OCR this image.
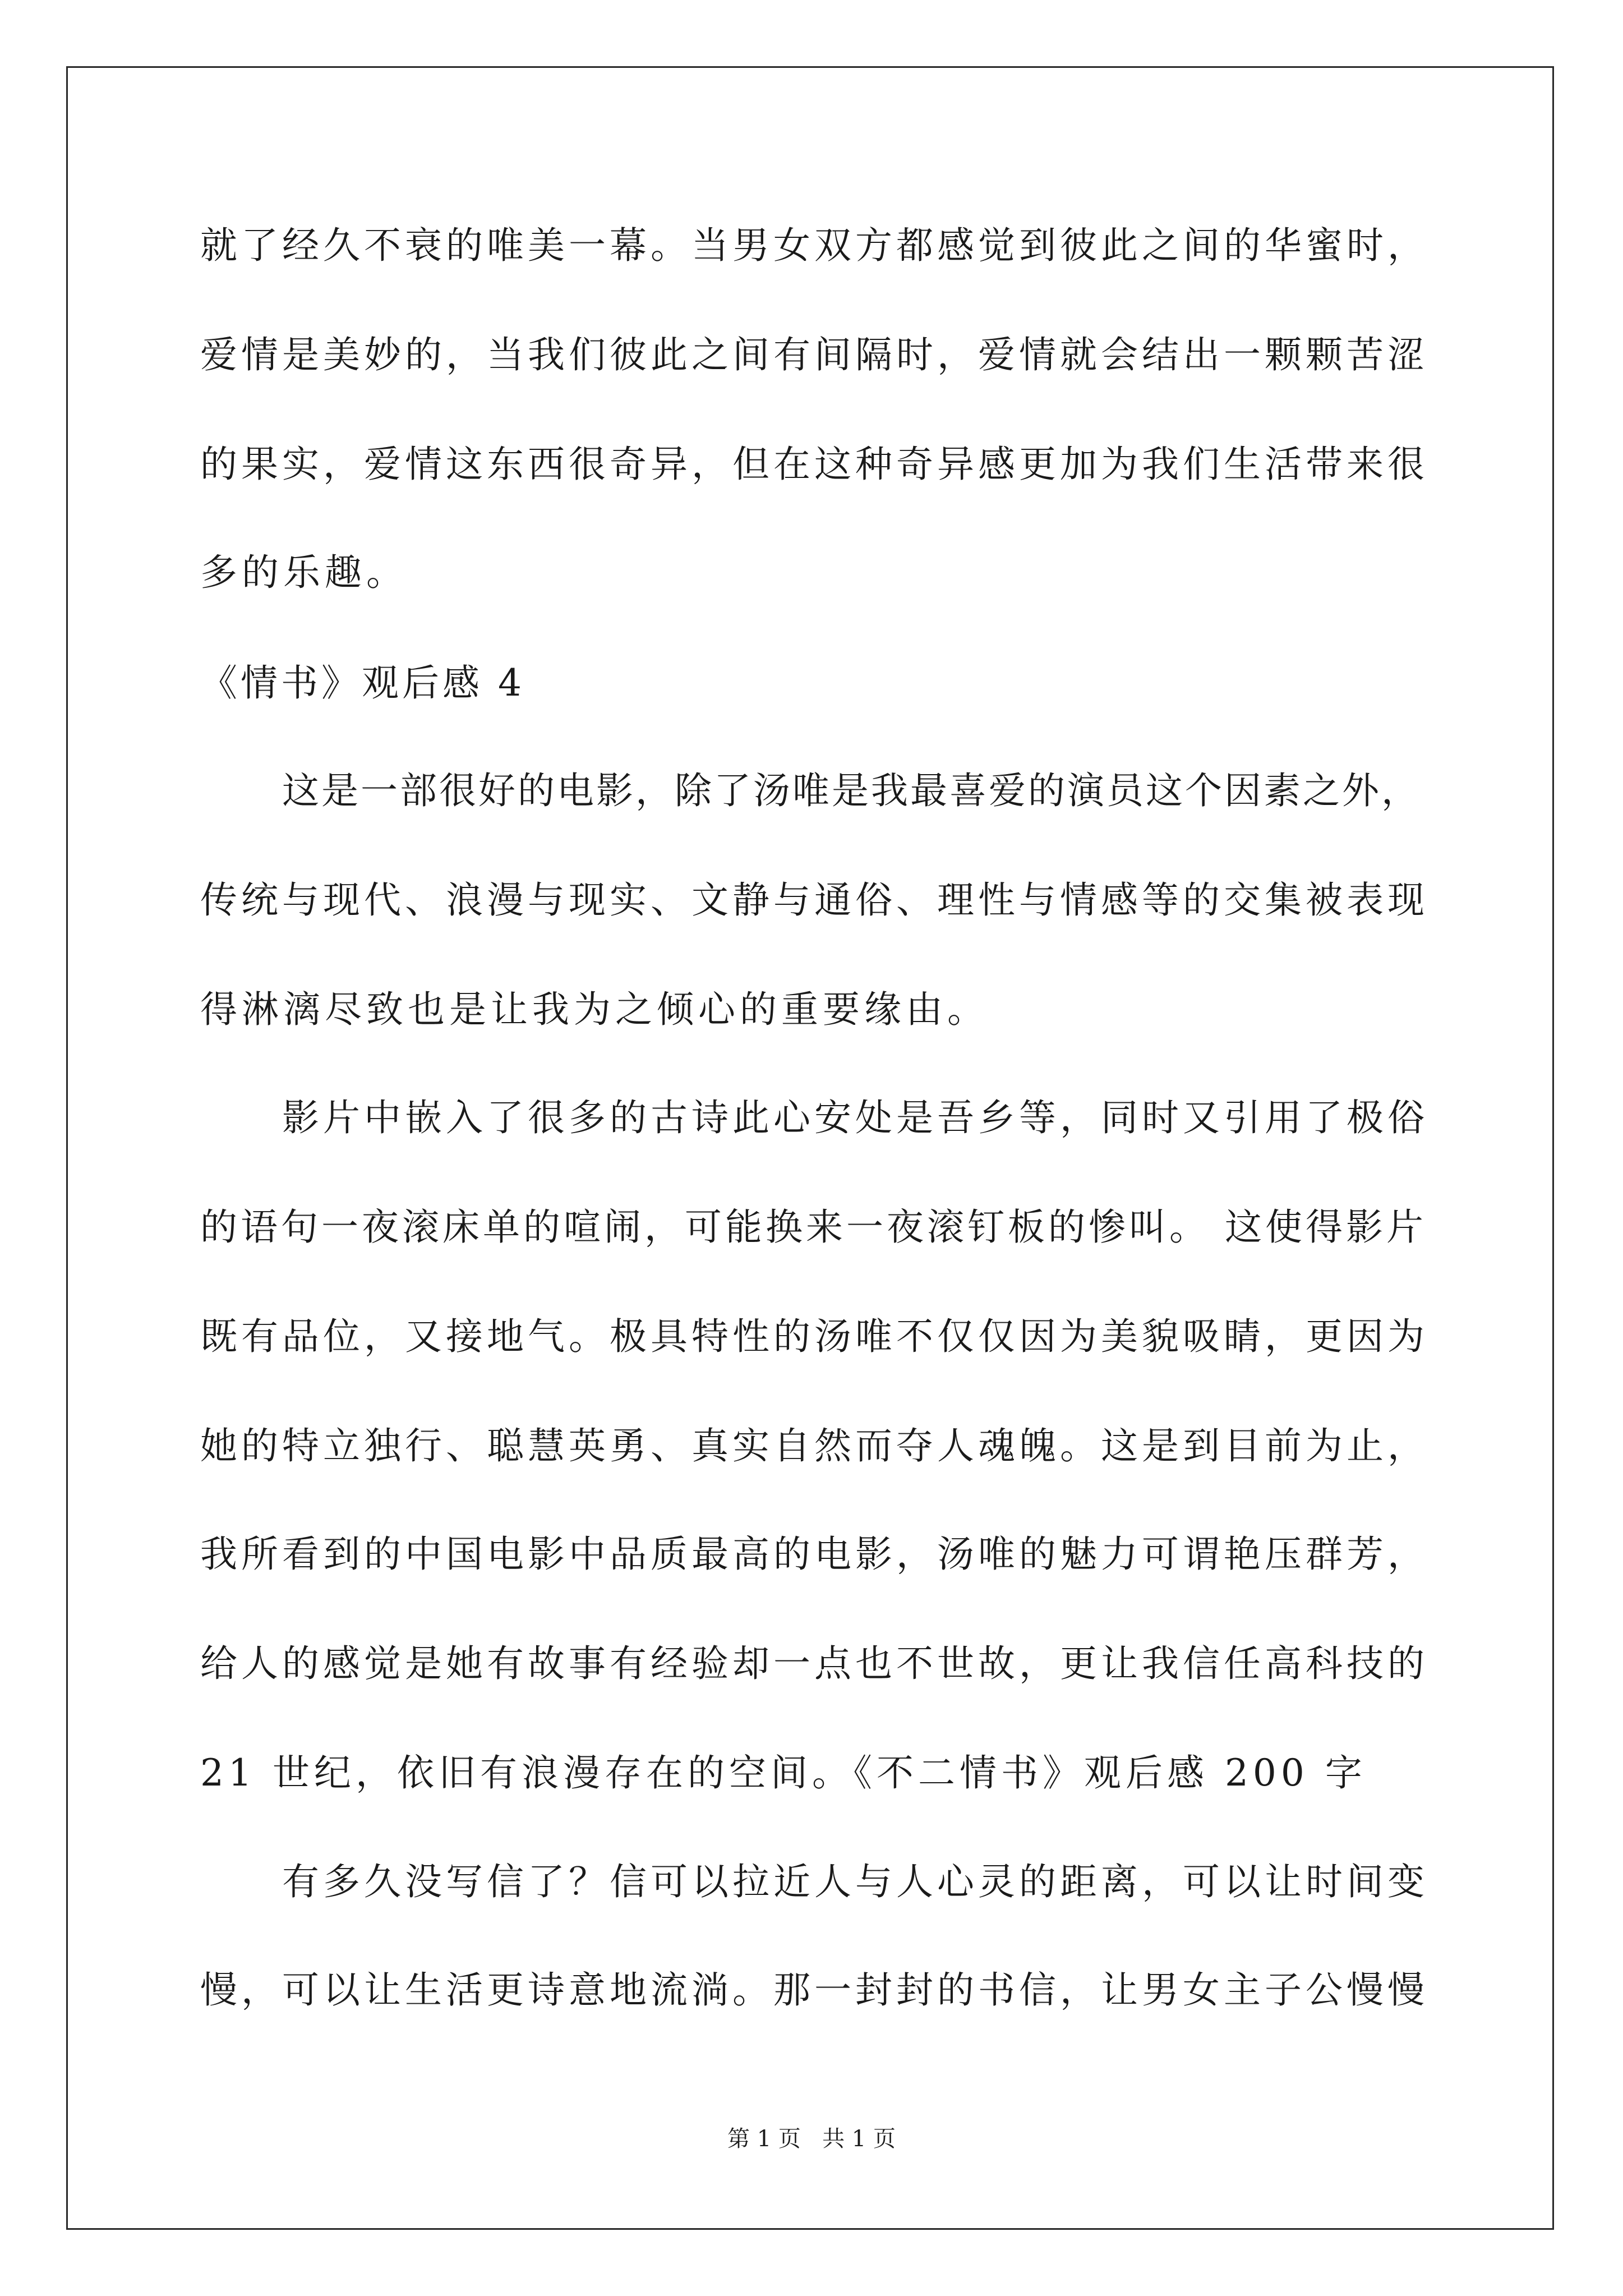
就了经久不衰的唯美一幕。当男女双方都感觉到彼此之间的华蜜时，

爱情是美妙的，当我们彼此之间有间隔时，爱情就会结出一颗颗苦涩

的果实，爱情这东西很奇异，但在这种奇异感更加为我们生活带来很

多的乐趣。

《情书》观后感 4

这是一部很好的电影，除了汤唯是我最喜爱的演员这个因素之外，

传统与现代、浪漫与现实、文静与通俗、理性与情感等的交集被表现

得淋漓尽致也是让我为之倾心的重要缘由。

影片中嵌入了很多的古诗此心安处是吾乡等，同时又引用了极俗

的语句一夜滚床单的喧闹，可能换来一夜滚钉板的惨叫。 这使得影片

既有品位，又接地气。极具特性的汤唯不仅仅因为美貌吸睛，更因为

她的特立独行、聪慧英勇、真实自然而夺人魂魄。这是到目前为止，

我所看到的中国电影中品质最高的电影，汤唯的魅力可谓艳压群芳，

给人的感觉是她有故事有经验却一点也不世故，更让我信任高科技的

21 世纪，依旧有浪漫存在的空间。《不二情书》观后感 200 字

有多久没写信了？信可以拉近人与人心灵的距离，可以让时间变

慢，可以让生活更诗意地流淌。那一封封的书信，让男女主子公慢慢

第 1 页   共 1 页
